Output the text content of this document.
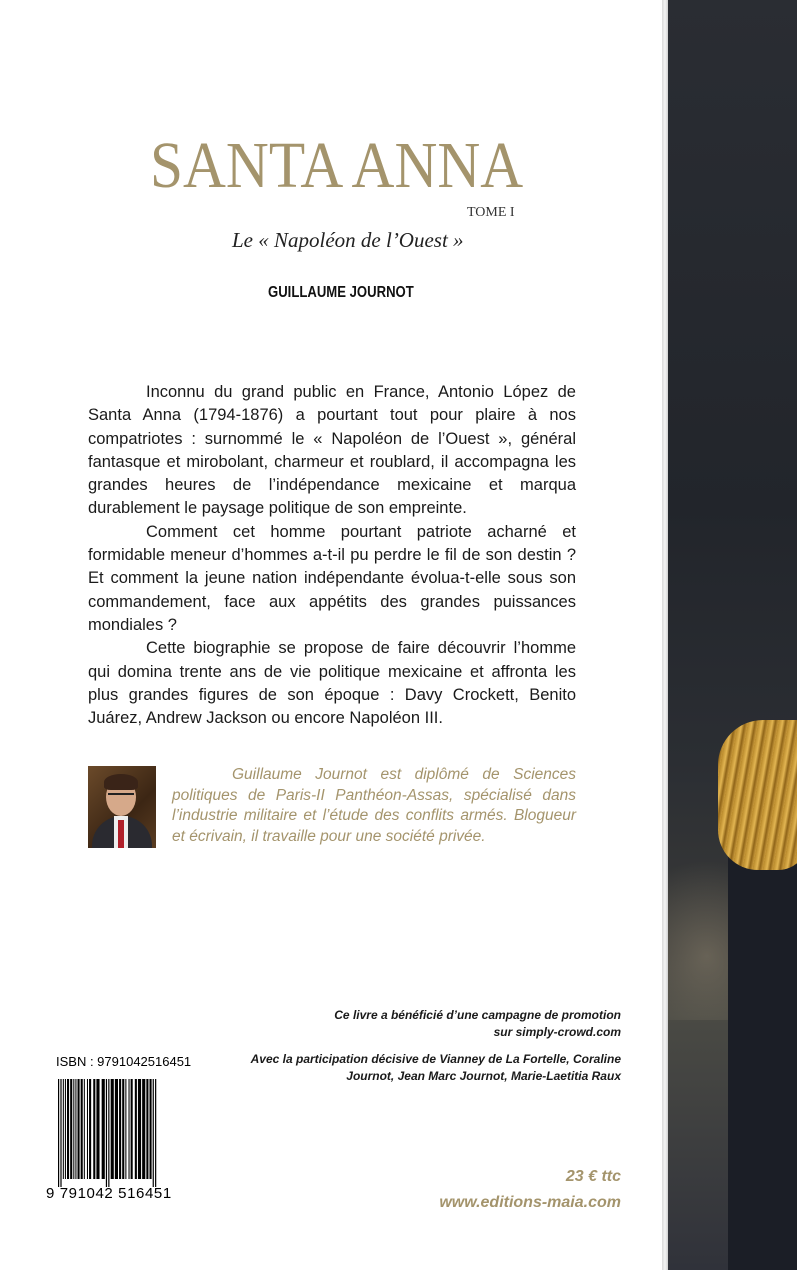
SANTA ANNA
TOME I
Le « Napoléon de l’Ouest »
GUILLAUME JOURNOT

Inconnu du grand public en France, Antonio López de Santa Anna (1794-1876) a pourtant tout pour plaire à nos compatriotes : surnommé le « Napoléon de l’Ouest », général fantasque et mirobolant, charmeur et roublard, il accompagna les grandes heures de l’indépendance mexicaine et marqua durablement le paysage politique de son empreinte.

Comment cet homme pourtant patriote acharné et formidable meneur d’hommes a-t-il pu perdre le fil de son destin ? Et comment la jeune nation indépendante évolua-t-elle sous son commandement, face aux appétits des grandes puissances mondiales ?

Cette biographie se propose de faire découvrir l’homme qui domina trente ans de vie politique mexicaine et affronta les plus grandes figures de son époque : Davy Crockett, Benito Juárez, Andrew Jackson ou encore Napoléon III.

Guillaume Journot est diplômé de Sciences politiques de Paris-II Panthéon-Assas, spécialisé dans l’industrie militaire et l’étude des conflits armés. Blogueur et écrivain, il travaille pour une société privée.

ISBN : 9791042516451
9 791042 516451

Ce livre a bénéficié d’une campagne de promotion

sur simply-crowd.com

Avec la participation décisive de Vianney de La Fortelle, Coraline Journot, Jean Marc Journot, Marie-Laetitia Raux

23 € ttc
www.editions-maia.com
